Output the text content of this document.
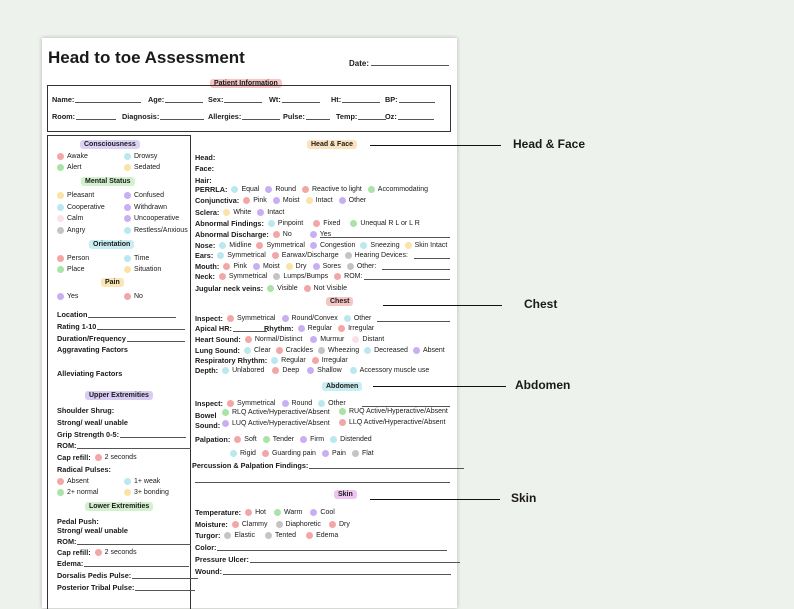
Head to toe Assessment	Date:
Patient Information
Name:	Age:	Sex:	Wt:	Ht:	BP:
Room:	Diagnosis:	Allergies:	Pulse:	Temp:	Oz:
Consciousness
Awake	Drowsy
Alert	Sedated
Mental Status
Pleasant	Confused
Cooperative	Withdrawn
Calm	Uncooperative
Angry	Restless/Anxious
Orientation
Person	Time
Place	Situation
Pain
Yes	No
Location
Rating 1-10
Duration/Frequency
Aggravating Factors
Alleviating Factors
Upper Extremities
Shoulder Shrug:
Strong/ weal/ unable
Grip Strength 0-5:
ROM:
Cap refill: 2 seconds
Radical Pulses:
Absent	1+ weak
2+ normal	3+ bonding
Lower Extremities
Pedal Push:
Strong/ weal/ unable
ROM:
Cap refill: 2 seconds
Edema:
Dorsalis Pedis Pulse:
Posterior Tribal Pulse:
Head & Face
Head:
Face:
Hair:
PERRLA: Equal Round Reactive to light Accommodating
Conjunctiva: Pink Moist Intact Other
Sclera: White Intact
Abnormal Findings: Pinpoint	Fixed	Unequal R L or L R
Abnormal Discharge: No	Yes
Nose: Midline Symmetrical Congestion Sneezing Skin Intact
Ears: Symmetrical Earwax/Discharge Hearing Devices:
Mouth: Pink Moist Dry Sores Other:
Neck: Symmetrical Lumps/Bumps ROM:
Jugular neck veins: Visible Not Visible
Chest
Inspect: Symmetrical Round/Convex Other
Apical HR:	Rhythm: Regular Irregular
Heart Sound: Normal/Distinct	Murmur	Distant
Lung Sound: Clear Crackles Wheezing Decreased Absent
Respiratory Rhythm: Regular Irregular
Depth: Unlabored	Deep	Shallow	Accessory muscle use
Abdomen
Inspect: Symmetrical Round Other
Bowel
Sound:
RLQ Active/Hyperactive/Absent	RUQ Active/Hyperactive/Absent
LUQ Active/Hyperactive/Absent	LLQ Active/Hyperactive/Absent
Palpation: Soft Tender Firm Distended
Rigid Guarding pain Pain Flat
Percussion & Palpation Findings:
Skin
Temperature: Hot	Warm	Cool
Moisture: Clammy	Diaphoretic	Dry
Turgor: Elastic	Tented	Edema
Color:
Pressure Ulcer:
Wound:
Head & Face
Chest
Abdomen
Skin
